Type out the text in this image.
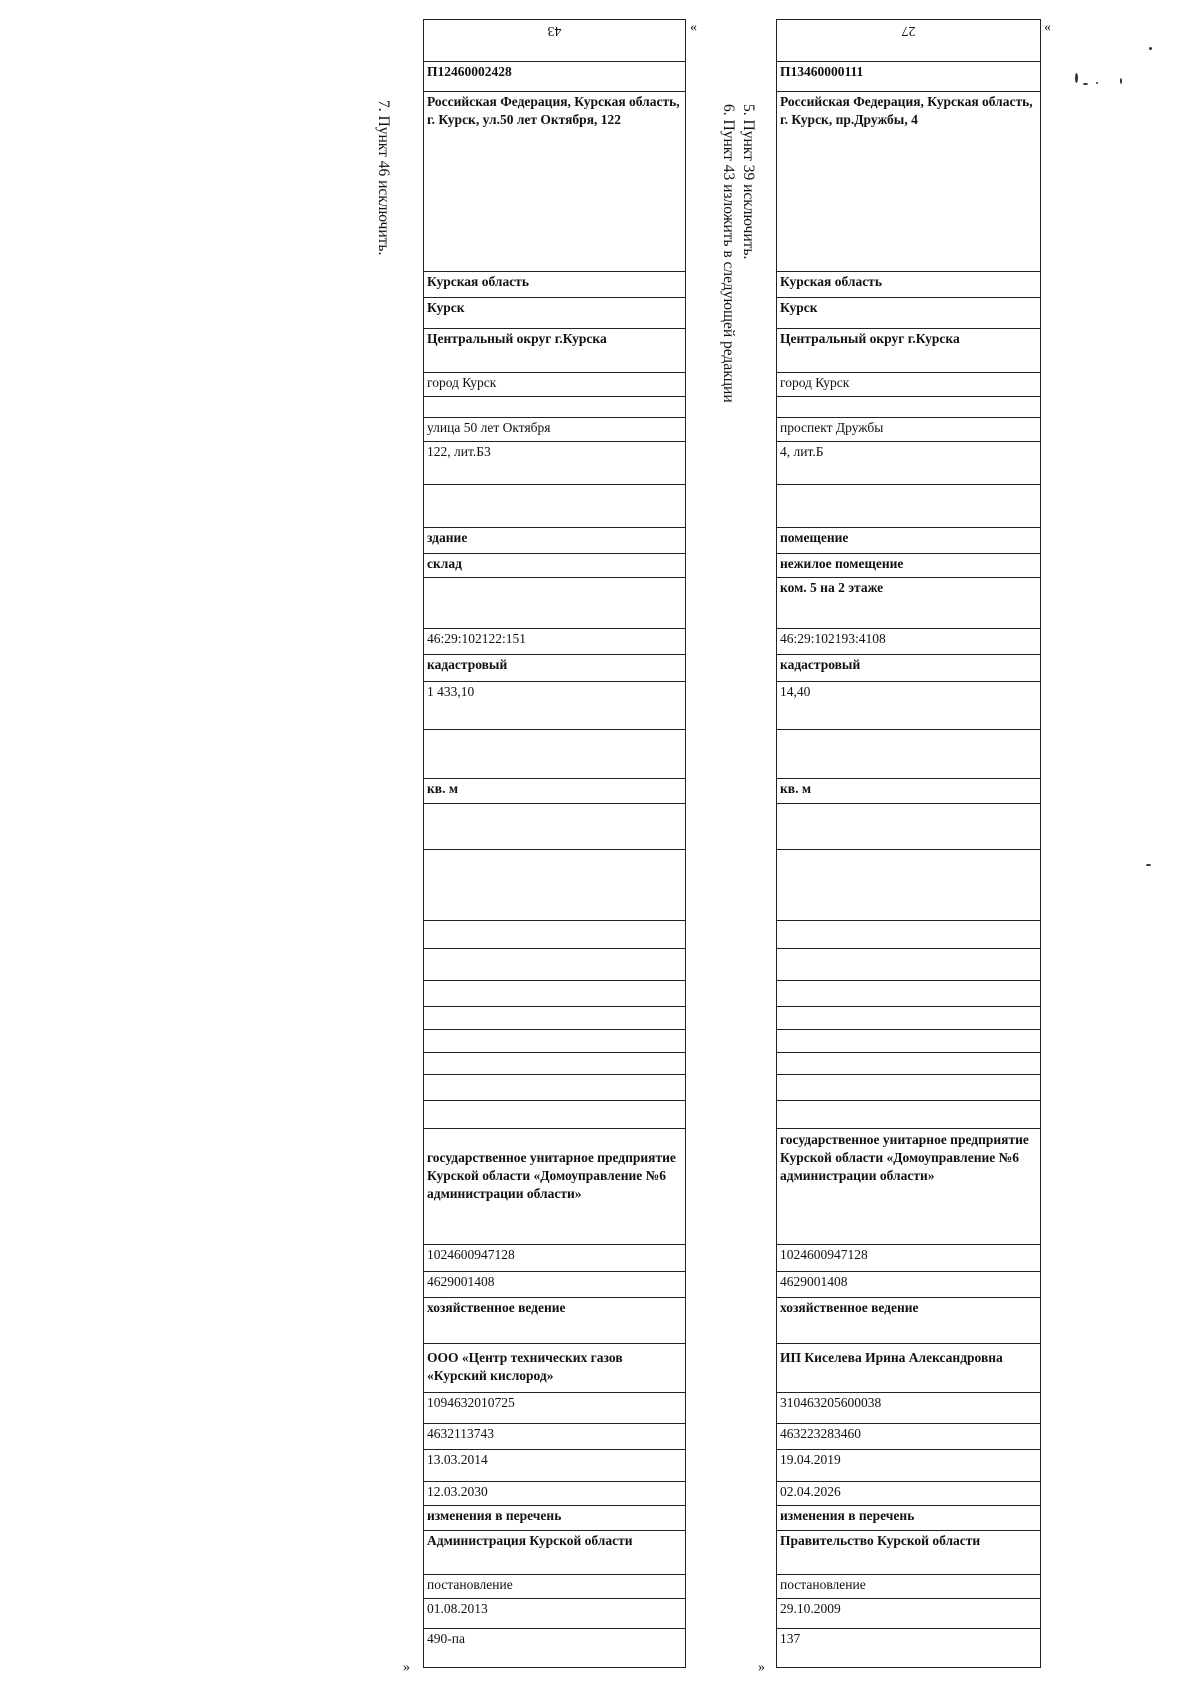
7. Пункт 46 исключить.	5. Пункт 39 исключить.
6. Пункт 43 изложить в следующей редакции
«	«
»	»
43
П12460002428
Российская Федерация, Курская область, г. Курск, ул.50 лет Октября, 122
Курская область
Курск
Центральный округ г.Курска
город Курск
улица 50 лет Октября
122, лит.Б3
здание
склад
46:29:102122:151
кадастровый
1 433,10
кв. м
государственное унитарное предприятие Курской области «Домоуправление №6 администрации области»
1024600947128
4629001408
хозяйственное ведение
ООО «Центр технических газов «Курский кислород»
1094632010725
4632113743
13.03.2014
12.03.2030
изменения в перечень
Администрация Курской области
постановление
01.08.2013
490-па
27
П13460000111
Российская Федерация, Курская область, г. Курск, пр.Дружбы, 4
Курская область
Курск
Центральный округ г.Курска
город Курск
проспект Дружбы
4, лит.Б
помещение
нежилое помещение
ком. 5 на 2 этаже
46:29:102193:4108
кадастровый
14,40
кв. м
государственное унитарное предприятие Курской области «Домоуправление №6 администрации области»
1024600947128
4629001408
хозяйственное ведение
ИП Киселева Ирина Александровна
310463205600038
463223283460
19.04.2019
02.04.2026
изменения в перечень
Правительство Курской области
постановление
29.10.2009
137
